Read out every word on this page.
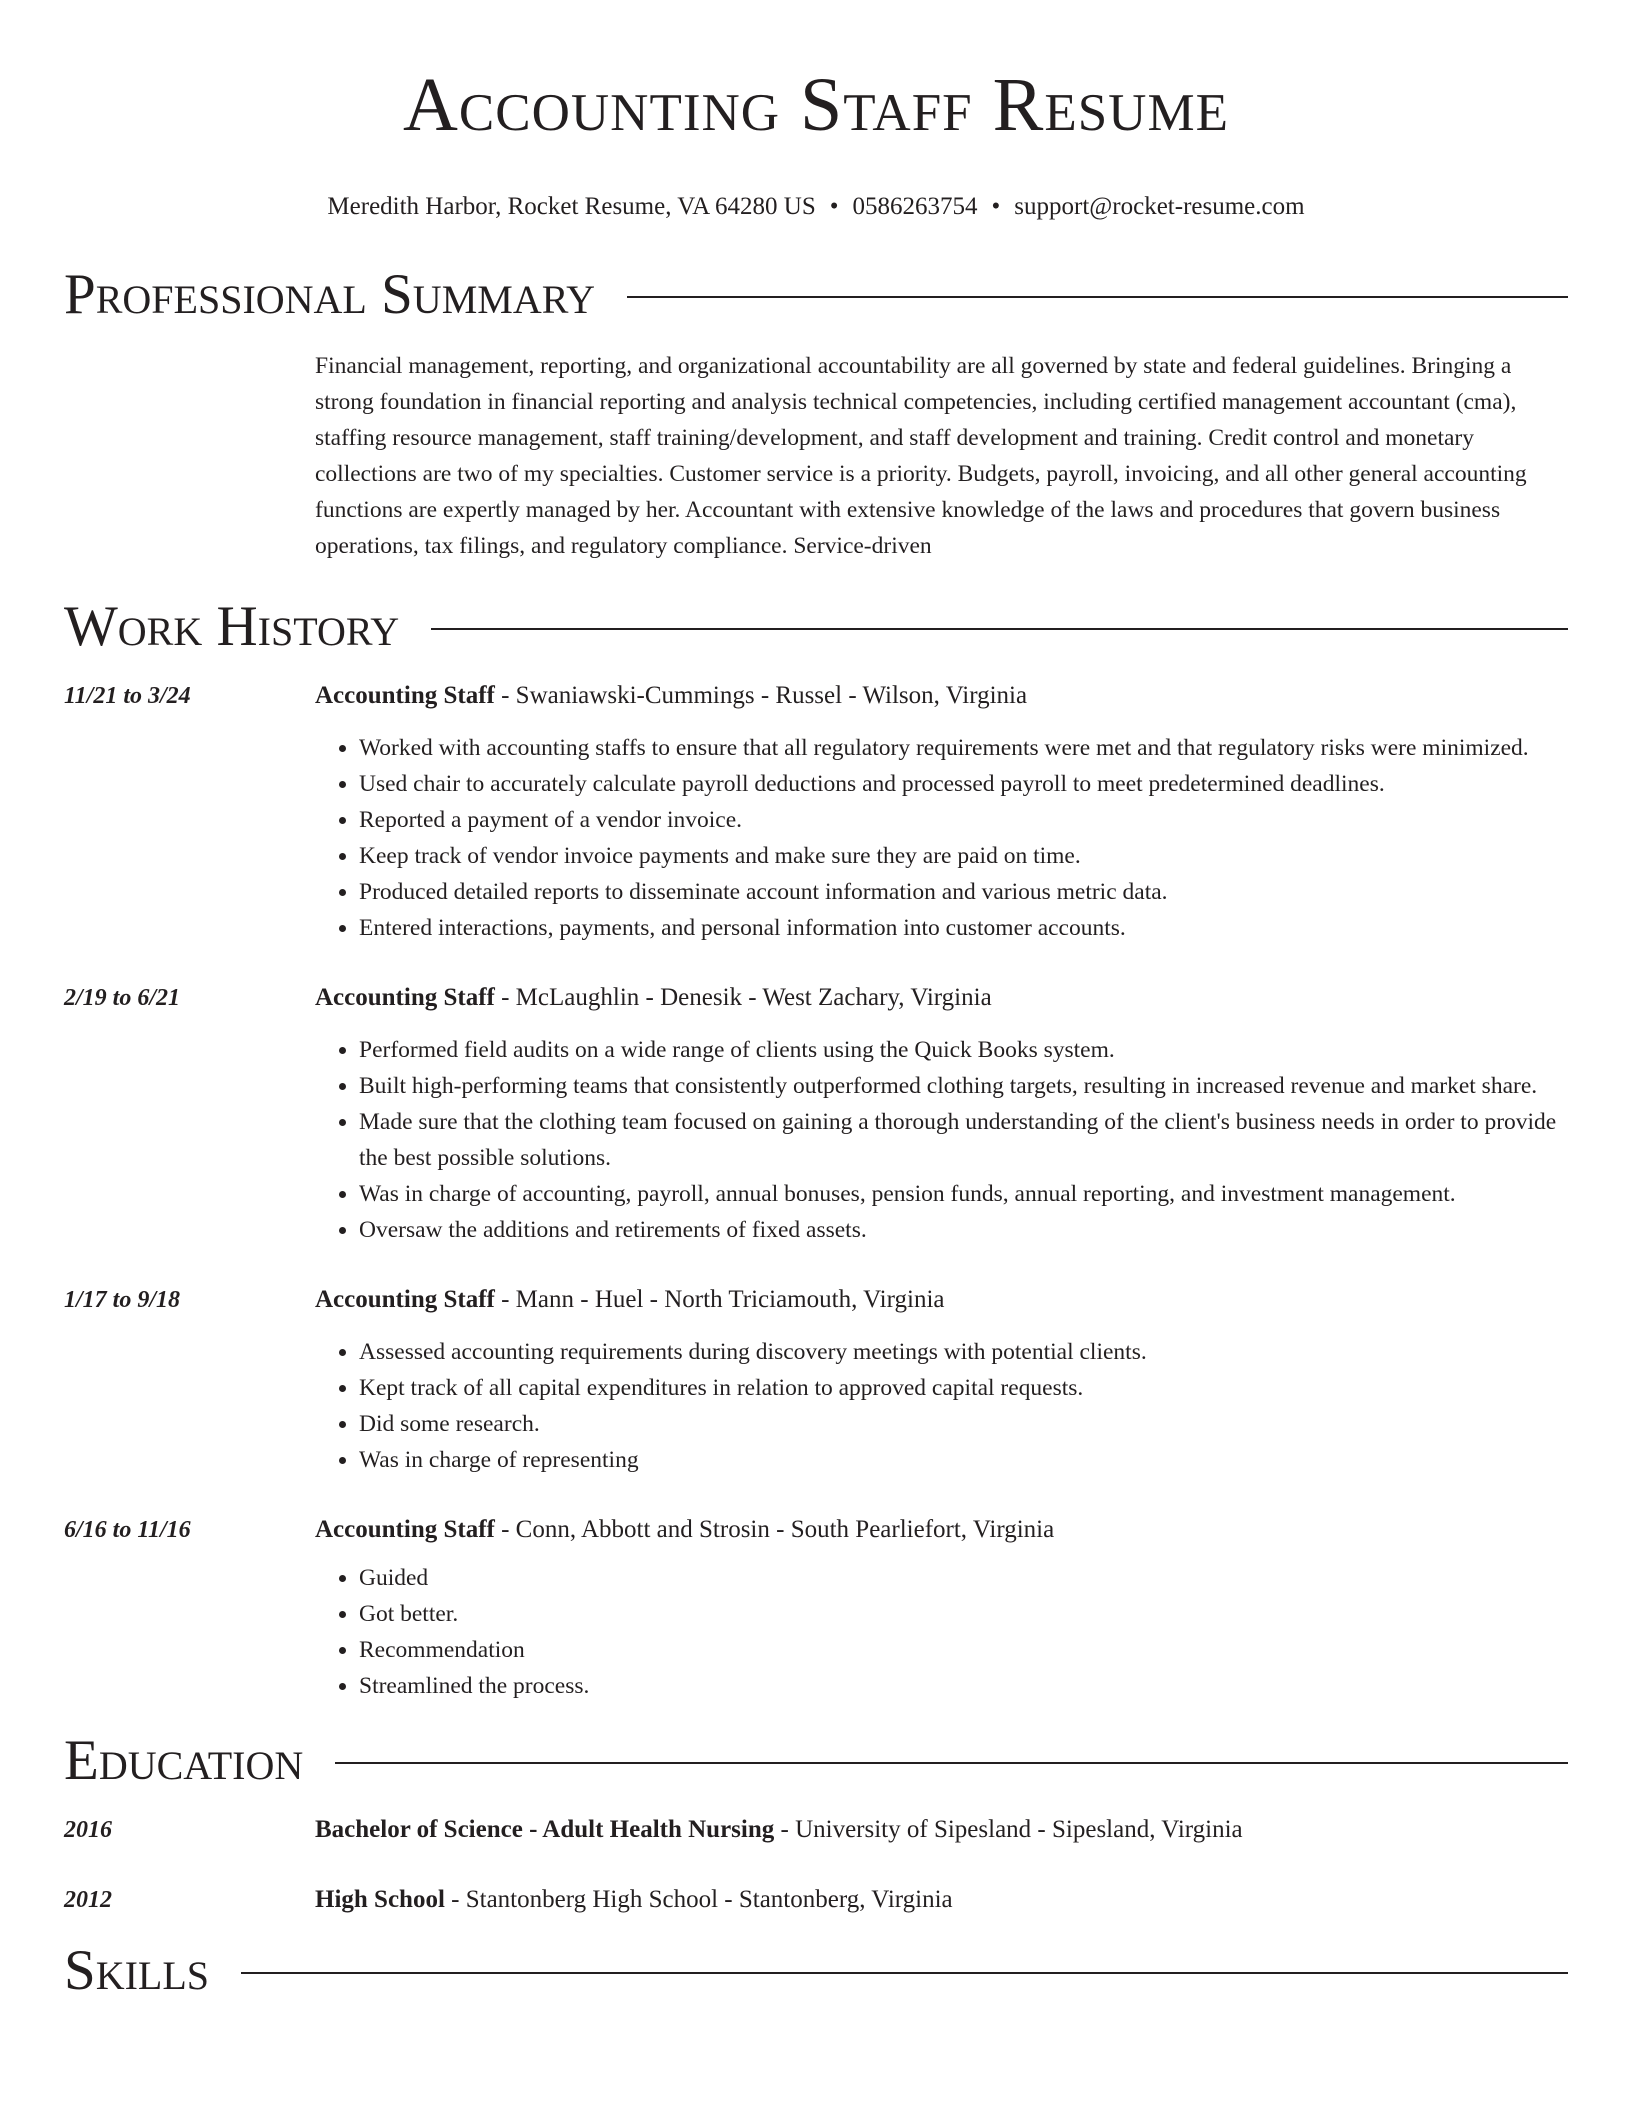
Accounting Staff Resume
Meredith Harbor, Rocket Resume, VA 64280 US • 0586263754 • support@rocket-resume.com
Professional Summary
Financial management, reporting, and organizational accountability are all governed by state and federal guidelines. Bringing a strong foundation in financial reporting and analysis technical competencies, including certified management accountant (cma), staffing resource management, staff training/development, and staff development and training. Credit control and monetary collections are two of my specialties. Customer service is a priority. Budgets, payroll, invoicing, and all other general accounting functions are expertly managed by her. Accountant with extensive knowledge of the laws and procedures that govern business operations, tax filings, and regulatory compliance. Service-driven
Work History
11/21 to 3/24	Accounting Staff - Swaniawski-Cummings - Russel - Wilson, Virginia
• Worked with accounting staffs to ensure that all regulatory requirements were met and that regulatory risks were minimized.
• Used chair to accurately calculate payroll deductions and processed payroll to meet predetermined deadlines.
• Reported a payment of a vendor invoice.
• Keep track of vendor invoice payments and make sure they are paid on time.
• Produced detailed reports to disseminate account information and various metric data.
• Entered interactions, payments, and personal information into customer accounts.
2/19 to 6/21	Accounting Staff - McLaughlin - Denesik - West Zachary, Virginia
• Performed field audits on a wide range of clients using the Quick Books system.
• Built high-performing teams that consistently outperformed clothing targets, resulting in increased revenue and market share.
• Made sure that the clothing team focused on gaining a thorough understanding of the client's business needs in order to provide the best possible solutions.
• Was in charge of accounting, payroll, annual bonuses, pension funds, annual reporting, and investment management.
• Oversaw the additions and retirements of fixed assets.
1/17 to 9/18	Accounting Staff - Mann - Huel - North Triciamouth, Virginia
• Assessed accounting requirements during discovery meetings with potential clients.
• Kept track of all capital expenditures in relation to approved capital requests.
• Did some research.
• Was in charge of representing
6/16 to 11/16	Accounting Staff - Conn, Abbott and Strosin - South Pearliefort, Virginia
• Guided
• Got better.
• Recommendation
• Streamlined the process.
Education
2016	Bachelor of Science - Adult Health Nursing - University of Sipesland - Sipesland, Virginia
2012	High School - Stantonberg High School - Stantonberg, Virginia
Skills
